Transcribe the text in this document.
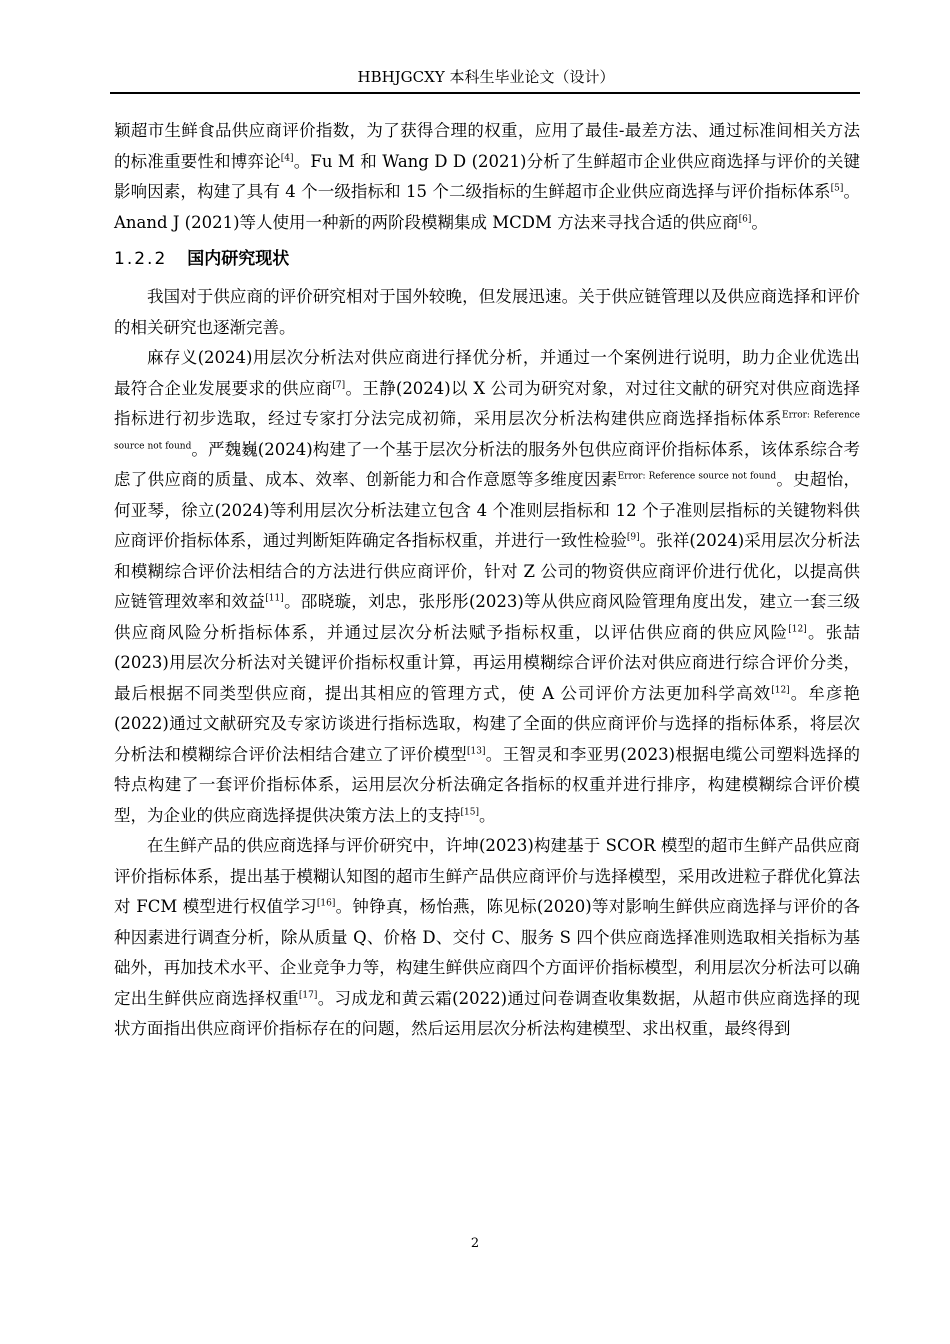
HBHJGCXY 本科生毕业论文（设计）

颖超市生鲜食品供应商评价指数，为了获得合理的权重，应用了最佳-最差方法、通过标准间相关方法的标准重要性和博弈论[4]。Fu M 和 Wang D D (2021)分析了生鲜超市企业供应商选择与评价的关键影响因素，构建了具有 4 个一级指标和 15 个二级指标的生鲜超市企业供应商选择与评价指标体系[5]。Anand J (2021)等人使用一种新的两阶段模糊集成 MCDM 方法来寻找合适的供应商[6]。

1.2.2 国内研究现状

我国对于供应商的评价研究相对于国外较晚，但发展迅速。关于供应链管理以及供应商选择和评价的相关研究也逐渐完善。

麻存义(2024)用层次分析法对供应商进行择优分析，并通过一个案例进行说明，助力企业优选出最符合企业发展要求的供应商[7]。王静(2024)以 X 公司为研究对象，对过往文献的研究对供应商选择指标进行初步选取，经过专家打分法完成初筛，采用层次分析法构建供应商选择指标体系$^{Error: Reference source not found}$。严魏巍(2024)构建了一个基于层次分析法的服务外包供应商评价指标体系，该体系综合考虑了供应商的质量、成本、效率、创新能力和合作意愿等多维度因素$^{Error: Reference source not found}$。史超怡，何亚琴，徐立(2024)等利用层次分析法建立包含 4 个准则层指标和 12 个子准则层指标的关键物料供应商评价指标体系，通过判断矩阵确定各指标权重，并进行一致性检验[9]。张祥(2024)采用层次分析法和模糊综合评价法相结合的方法进行供应商评价，针对 Z 公司的物资供应商评价进行优化，以提高供应链管理效率和效益[11]。邵晓璇，刘忠，张彤彤(2023)等从供应商风险管理角度出发，建立一套三级供应商风险分析指标体系，并通过层次分析法赋予指标权重，以评估供应商的供应风险[12]。张喆(2023)用层次分析法对关键评价指标权重计算，再运用模糊综合评价法对供应商进行综合评价分类，最后根据不同类型供应商，提出其相应的管理方式，使 A 公司评价方法更加科学高效[12]。牟彦艳(2022)通过文献研究及专家访谈进行指标选取，构建了全面的供应商评价与选择的指标体系，将层次分析法和模糊综合评价法相结合建立了评价模型[13]。王智灵和李亚男(2023)根据电缆公司塑料选择的特点构建了一套评价指标体系，运用层次分析法确定各指标的权重并进行排序，构建模糊综合评价模型，为企业的供应商选择提供决策方法上的支持[15]。

在生鲜产品的供应商选择与评价研究中，许坤(2023)构建基于 SCOR 模型的超市生鲜产品供应商评价指标体系，提出基于模糊认知图的超市生鲜产品供应商评价与选择模型，采用改进粒子群优化算法对 FCM 模型进行权值学习[16]。钟铮真，杨怡燕，陈见标(2020)等对影响生鲜供应商选择与评价的各种因素进行调查分析，除从质量 Q、价格 D、交付 C、服务 S 四个供应商选择准则选取相关指标为基础外，再加技术水平、企业竞争力等，构建生鲜供应商四个方面评价指标模型，利用层次分析法可以确定出生鲜供应商选择权重[17]。习成龙和黄云霜(2022)通过问卷调查收集数据，从超市供应商选择的现状方面指出供应商评价指标存在的问题，然后运用层次分析法构建模型、求出权重，最终得到

2
